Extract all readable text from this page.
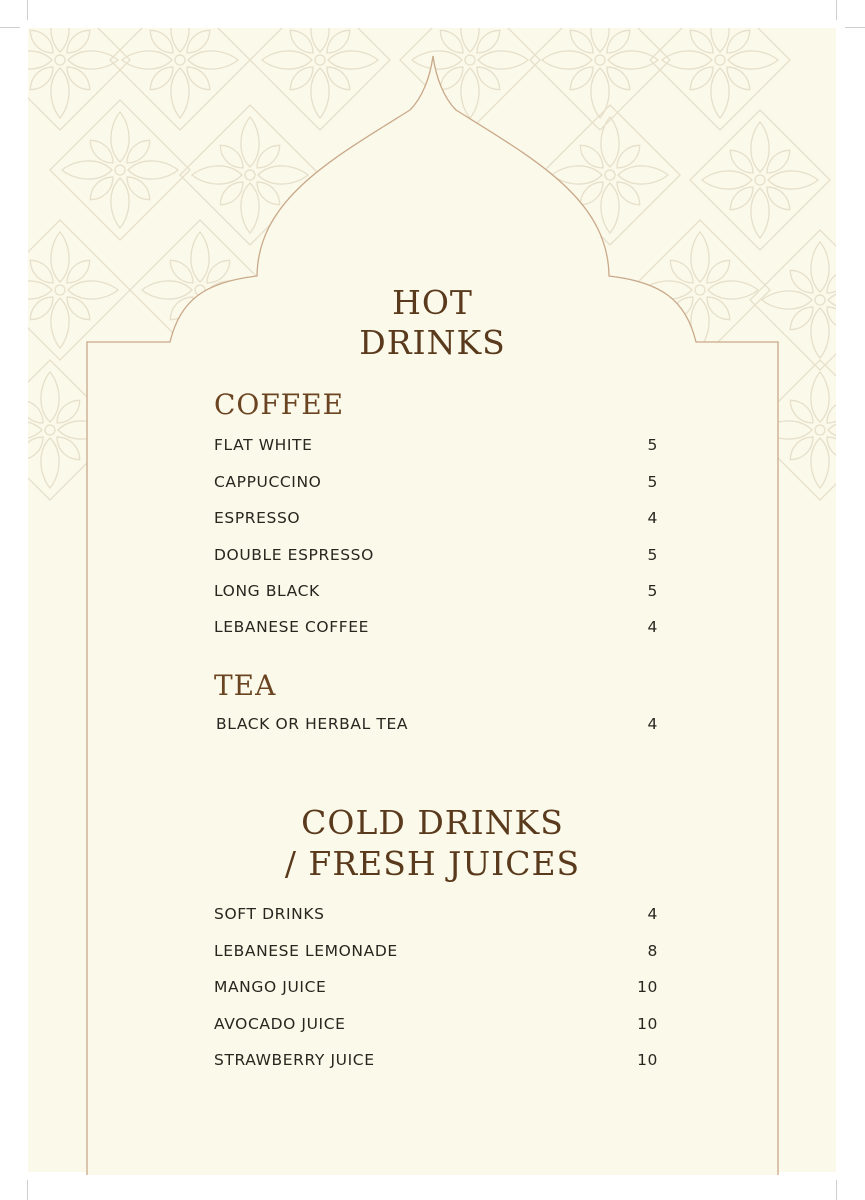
HOT
DRINKS
COFFEE
FLAT WHITE	5
CAPPUCCINO	5
ESPRESSO	4
DOUBLE ESPRESSO	5
LONG BLACK	5
LEBANESE COFFEE	4
TEA
BLACK OR HERBAL TEA	4
COLD DRINKS
/ FRESH JUICES
SOFT DRINKS	4
LEBANESE LEMONADE	8
MANGO JUICE	10
AVOCADO JUICE	10
STRAWBERRY JUICE	10
